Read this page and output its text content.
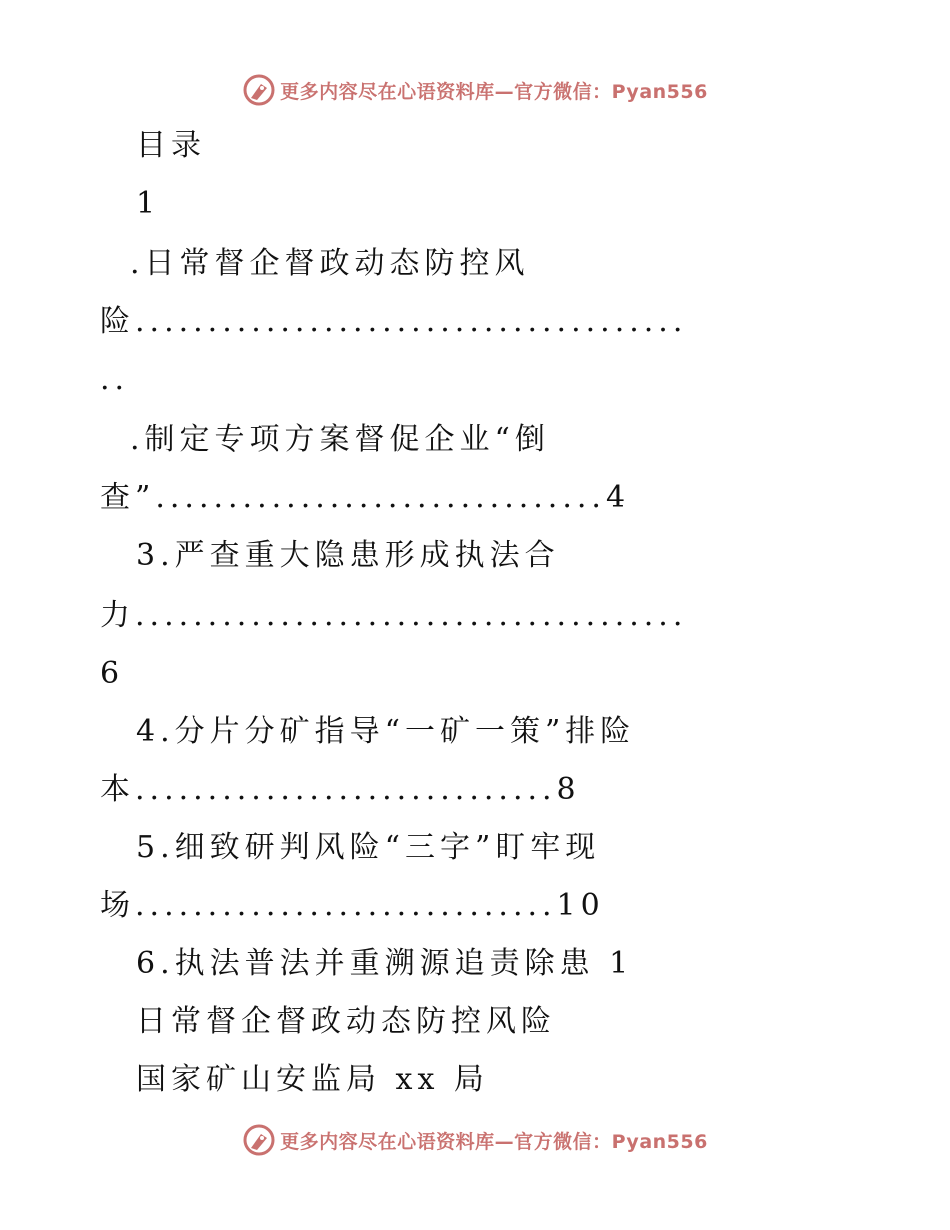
更多内容尽在心语资料库—官方微信：Pyan556
目录
1
.日常督企督政动态防控风
险......................................
..
.制定专项方案督促企业“倒
查”...............................4
3.严查重大隐患形成执法合
力......................................
6
4.分片分矿指导“一矿一策”排险
本.............................8
5.细致研判风险“三字”盯牢现
场.............................10
6.执法普法并重溯源追责除患 1
日常督企督政动态防控风险
国家矿山安监局 xx 局
更多内容尽在心语资料库—官方微信：Pyan556
